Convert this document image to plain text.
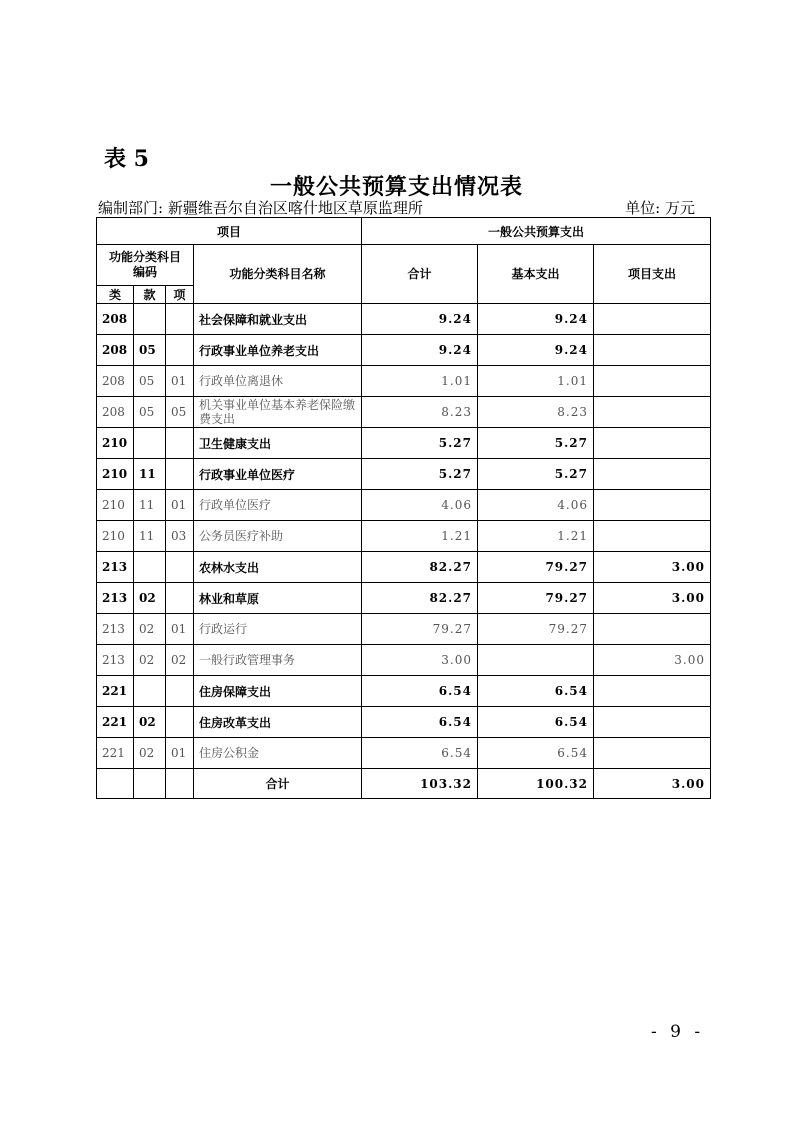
表 5
一般公共预算支出情况表
编制部门: 新疆维吾尔自治区喀什地区草原监理所	单位: 万元
项目				一般公共预算支出		
功能分类科目
编码			功能分类科目名称	合计	基本支出	项目支出
类	款	项				
208			社会保障和就业支出	9.24	9.24	
208	05		行政事业单位养老支出	9.24	9.24	
208	05	01	行政单位离退休	1.01	1.01	
208	05	05	机关事业单位基本养老保险缴费支出	8.23	8.23	
210			卫生健康支出	5.27	5.27	
210	11		行政事业单位医疗	5.27	5.27	
210	11	01	行政单位医疗	4.06	4.06	
210	11	03	公务员医疗补助	1.21	1.21	
213			农林水支出	82.27	79.27	3.00
213	02		林业和草原	82.27	79.27	3.00
213	02	01	行政运行	79.27	79.27	
213	02	02	一般行政管理事务	3.00		3.00
221			住房保障支出	6.54	6.54	
221	02		住房改革支出	6.54	6.54	
221	02	01	住房公积金	6.54	6.54	
			合计	103.32	100.32	3.00
- 9 -
